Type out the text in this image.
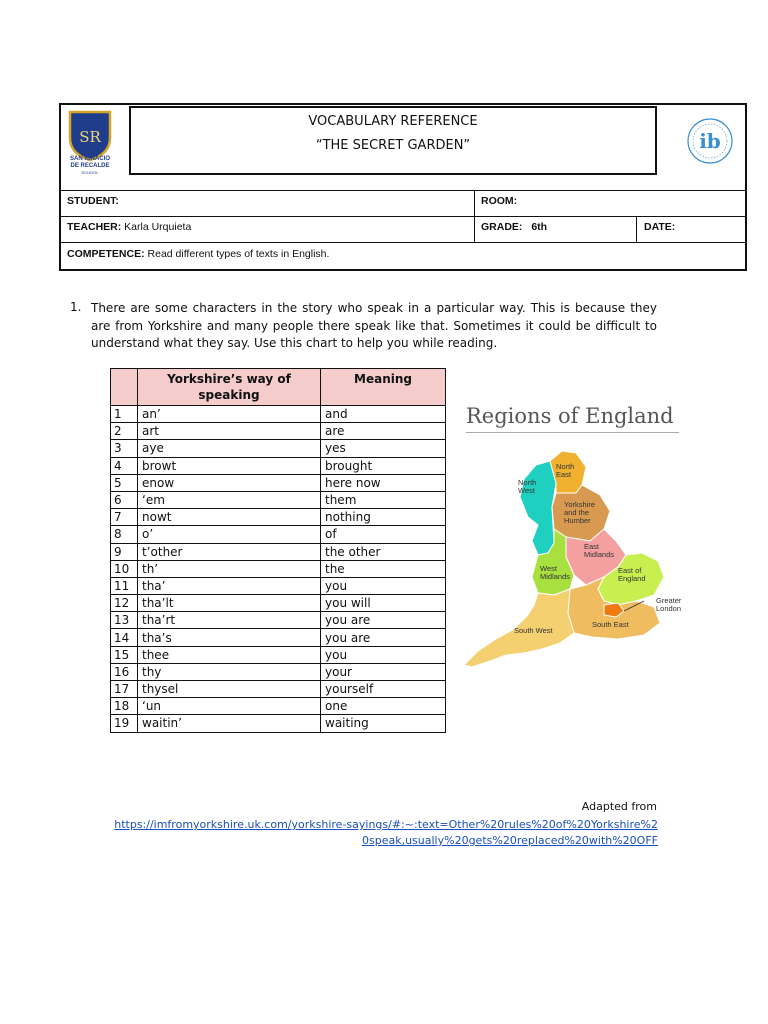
SR
SAN IGNACIO
DE RECALDE
SCHOOL
VOCABULARY REFERENCE
“THE SECRET GARDEN”	ib
STUDENT:	ROOM:
TEACHER: Karla Urquieta	GRADE: 6th	DATE:
COMPETENCE: Read different types of texts in English.
1. There are some characters in the story who speak in a particular way. This is because they are from Yorkshire and many people there speak like that. Sometimes it could be difficult to understand what they say. Use this chart to help you while reading.
	Yorkshire’s way of speaking	Meaning
1	an’	and
2	art	are
3	aye	yes
4	browt	brought
5	enow	here now
6	‘em	them
7	nowt	nothing
8	o’	of
9	t’other	the other
10	th’	the
11	tha’	you
12	tha’lt	you will
13	tha’rt	you are
14	tha’s	you are
15	thee	you
16	thy	your
17	thysel	yourself
18	‘un	one
19	waitin’	waiting
Regions of England
North East
North West
Yorkshire and the Humber
East Midlands
West Midlands
East of England
Greater London
South West
South East
Adapted from
https://imfromyorkshire.uk.com/yorkshire-sayings/#:~:text=Other%20rules%20of%20Yorkshire%20speak,usually%20gets%20replaced%20with%20OFF
